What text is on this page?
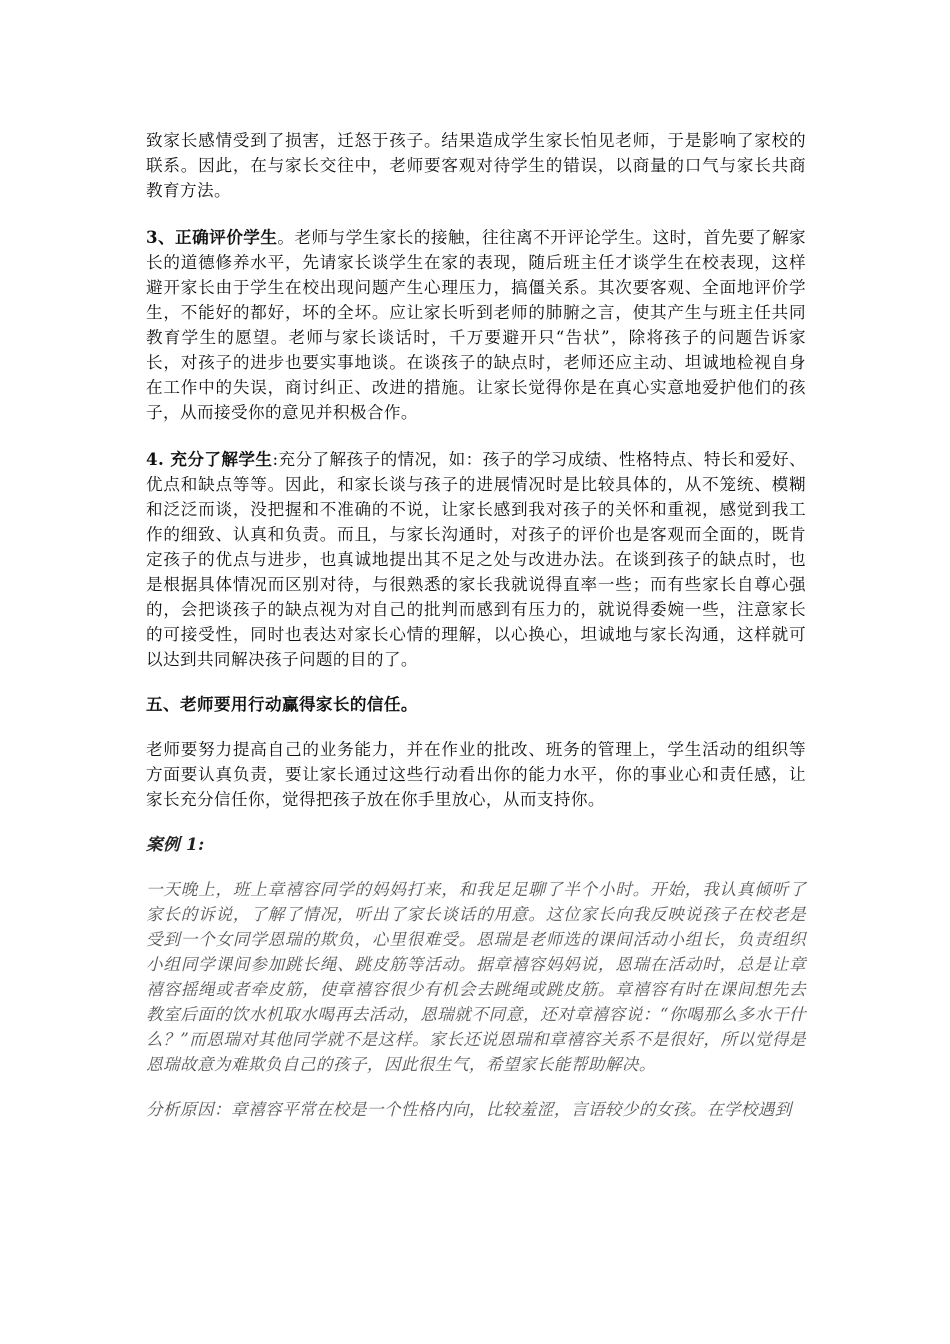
致家长感情受到了损害，迁怒于孩子。结果造成学生家长怕见老师，于是影响了家校的联系。因此，在与家长交往中，老师要客观对待学生的错误，以商量的口气与家长共商教育方法。

3、正确评价学生。老师与学生家长的接触，往往离不开评论学生。这时，首先要了解家长的道德修养水平，先请家长谈学生在家的表现，随后班主任才谈学生在校表现，这样避开家长由于学生在校出现问题产生心理压力，搞僵关系。其次要客观、全面地评价学生，不能好的都好，坏的全坏。应让家长听到老师的肺腑之言，使其产生与班主任共同教育学生的愿望。老师与家长谈话时，千万要避开只“告状”，除将孩子的问题告诉家长，对孩子的进步也要实事地谈。在谈孩子的缺点时，老师还应主动、坦诚地检视自身在工作中的失误，商讨纠正、改进的措施。让家长觉得你是在真心实意地爱护他们的孩子，从而接受你的意见并积极合作。

4. 充分了解学生:充分了解孩子的情况，如：孩子的学习成绩、性格特点、特长和爱好、优点和缺点等等。因此，和家长谈与孩子的进展情况时是比较具体的，从不笼统、模糊和泛泛而谈，没把握和不准确的不说，让家长感到我对孩子的关怀和重视，感觉到我工作的细致、认真和负责。而且，与家长沟通时，对孩子的评价也是客观而全面的，既肯定孩子的优点与进步，也真诚地提出其不足之处与改进办法。在谈到孩子的缺点时，也是根据具体情况而区别对待，与很熟悉的家长我就说得直率一些；而有些家长自尊心强的，会把谈孩子的缺点视为对自己的批判而感到有压力的，就说得委婉一些，注意家长的可接受性，同时也表达对家长心情的理解，以心换心，坦诚地与家长沟通，这样就可以达到共同解决孩子问题的目的了。

五、老师要用行动赢得家长的信任。

老师要努力提高自己的业务能力，并在作业的批改、班务的管理上，学生活动的组织等方面要认真负责，要让家长通过这些行动看出你的能力水平，你的事业心和责任感，让家长充分信任你，觉得把孩子放在你手里放心，从而支持你。

案例 1:

一天晚上，班上章禧容同学的妈妈打来，和我足足聊了半个小时。开始，我认真倾听了家长的诉说，了解了情况，听出了家长谈话的用意。这位家长向我反映说孩子在校老是受到一个女同学恩瑞的欺负，心里很难受。恩瑞是老师选的课间活动小组长，负责组织小组同学课间参加跳长绳、跳皮筋等活动。据章禧容妈妈说，恩瑞在活动时，总是让章禧容摇绳或者牵皮筋，使章禧容很少有机会去跳绳或跳皮筋。章禧容有时在课间想先去教室后面的饮水机取水喝再去活动，恩瑞就不同意，还对章禧容说：“你喝那么多水干什么？”而恩瑞对其他同学就不是这样。家长还说恩瑞和章禧容关系不是很好，所以觉得是恩瑞故意为难欺负自己的孩子，因此很生气，希望家长能帮助解决。

分析原因：章禧容平常在校是一个性格内向，比较羞涩，言语较少的女孩。在学校遇到
